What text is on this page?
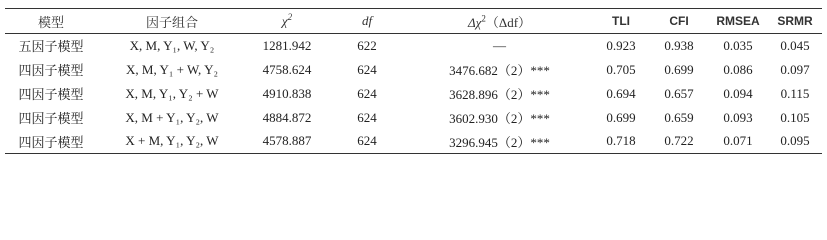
模型	因子组合	$\chi^2$	df	$\Delta\chi^2(\Delta df)$	TLI	CFI	RMSEA	SRMR
五因子模型	X, M, Y₁, W, Y₂	1281.942	622	—	0.923	0.938	0.035	0.045
四因子模型	X, M, Y₁ + W, Y₂	4758.624	624	3476.682（2）***	0.705	0.699	0.086	0.097
四因子模型	X, M, Y₁, Y₂ + W	4910.838	624	3628.896（2）***	0.694	0.657	0.094	0.115
四因子模型	X, M + Y₁, Y₂, W	4884.872	624	3602.930（2）***	0.699	0.659	0.093	0.105
四因子模型	X + M, Y₁, Y₂, W	4578.887	624	3296.945（2）***	0.718	0.722	0.071	0.095
